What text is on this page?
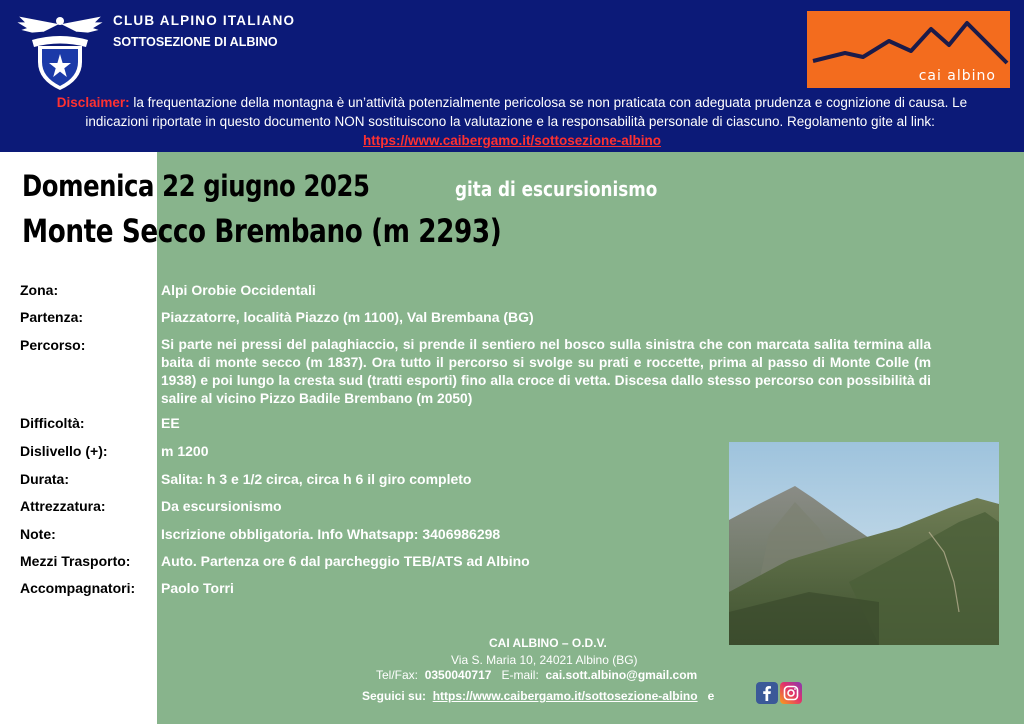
CLUB ALPINO ITALIANO
SOTTOSEZIONE DI ALBINO
cai albino
Disclaimer: la frequentazione della montagna è un’attività potenzialmente pericolosa se non praticata con adeguata prudenza e cognizione di causa. Le indicazioni riportate in questo documento NON sostituiscono la valutazione e la responsabilità personale di ciascuno. Regolamento gite al link:  https://www.caibergamo.it/sottosezione-albino
Domenica 22 giugno 2025	gita di escursionismo
Monte Secco Brembano (m 2293)
Zona:	Alpi Orobie Occidentali
Partenza:	Piazzatorre, località Piazzo (m 1100), Val Brembana (BG)
Percorso:	Si parte nei pressi del palaghiaccio, si prende il sentiero nel bosco sulla sinistra che con marcata salita termina alla baita di monte secco (m 1837). Ora tutto il percorso si svolge su prati e roccette, prima al passo di Monte Colle (m 1938) e poi lungo la cresta sud (tratti esporti) fino alla croce di vetta. Discesa dallo stesso percorso con possibilità di salire al vicino Pizzo Badile Brembano (m 2050)
Difficoltà:	EE
Dislivello (+):	m 1200
Durata:	Salita: h 3 e 1/2 circa, circa h 6 il giro completo
Attrezzatura:	Da escursionismo
Note:	Iscrizione obbligatoria. Info Whatsapp: 3406986298
Mezzi Trasporto: Auto. Partenza ore 6 dal parcheggio TEB/ATS ad Albino
Accompagnatori: Paolo Torri
CAI ALBINO – O.D.V.
Via S. Maria 10, 24021 Albino (BG)
Tel/Fax: 0350040717 E-mail: cai.sott.albino@gmail.com
Seguici su: https://www.caibergamo.it/sottosezione-albino e
